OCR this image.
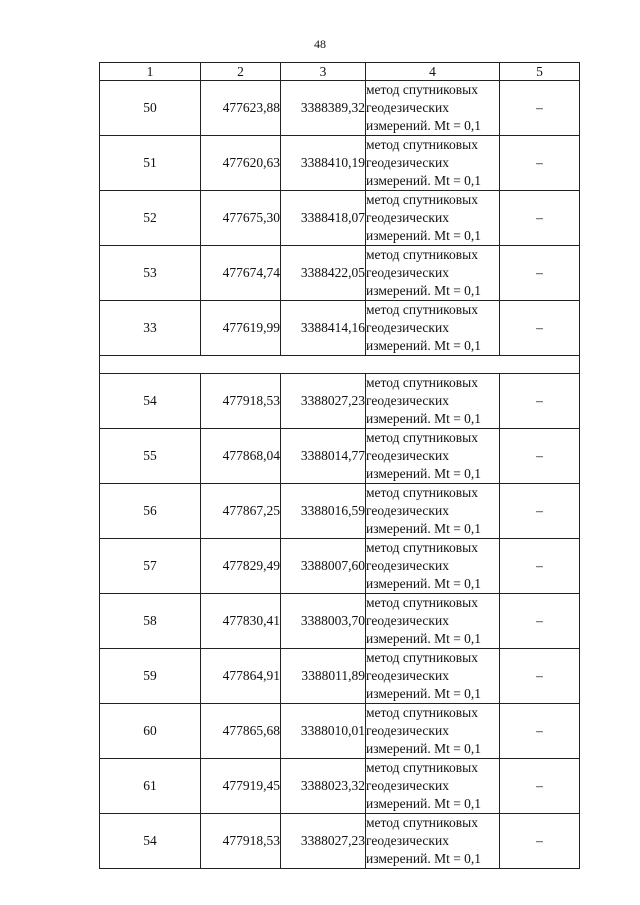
48
1	2	3	4	5
50	477623,88	3388389,32	метод спутниковых
геодезических
измерений. Mt = 0,1	–
51	477620,63	3388410,19	метод спутниковых
геодезических
измерений. Mt = 0,1	–
52	477675,30	3388418,07	метод спутниковых
геодезических
измерений. Mt = 0,1	–
53	477674,74	3388422,05	метод спутниковых
геодезических
измерений. Mt = 0,1	–
33	477619,99	3388414,16	метод спутниковых
геодезических
измерений. Mt = 0,1	–

54	477918,53	3388027,23	метод спутниковых
геодезических
измерений. Mt = 0,1	–
55	477868,04	3388014,77	метод спутниковых
геодезических
измерений. Mt = 0,1	–
56	477867,25	3388016,59	метод спутниковых
геодезических
измерений. Mt = 0,1	–
57	477829,49	3388007,60	метод спутниковых
геодезических
измерений. Mt = 0,1	–
58	477830,41	3388003,70	метод спутниковых
геодезических
измерений. Mt = 0,1	–
59	477864,91	3388011,89	метод спутниковых
геодезических
измерений. Mt = 0,1	–
60	477865,68	3388010,01	метод спутниковых
геодезических
измерений. Mt = 0,1	–
61	477919,45	3388023,32	метод спутниковых
геодезических
измерений. Mt = 0,1	–
54	477918,53	3388027,23	метод спутниковых
геодезических
измерений. Mt = 0,1	–
